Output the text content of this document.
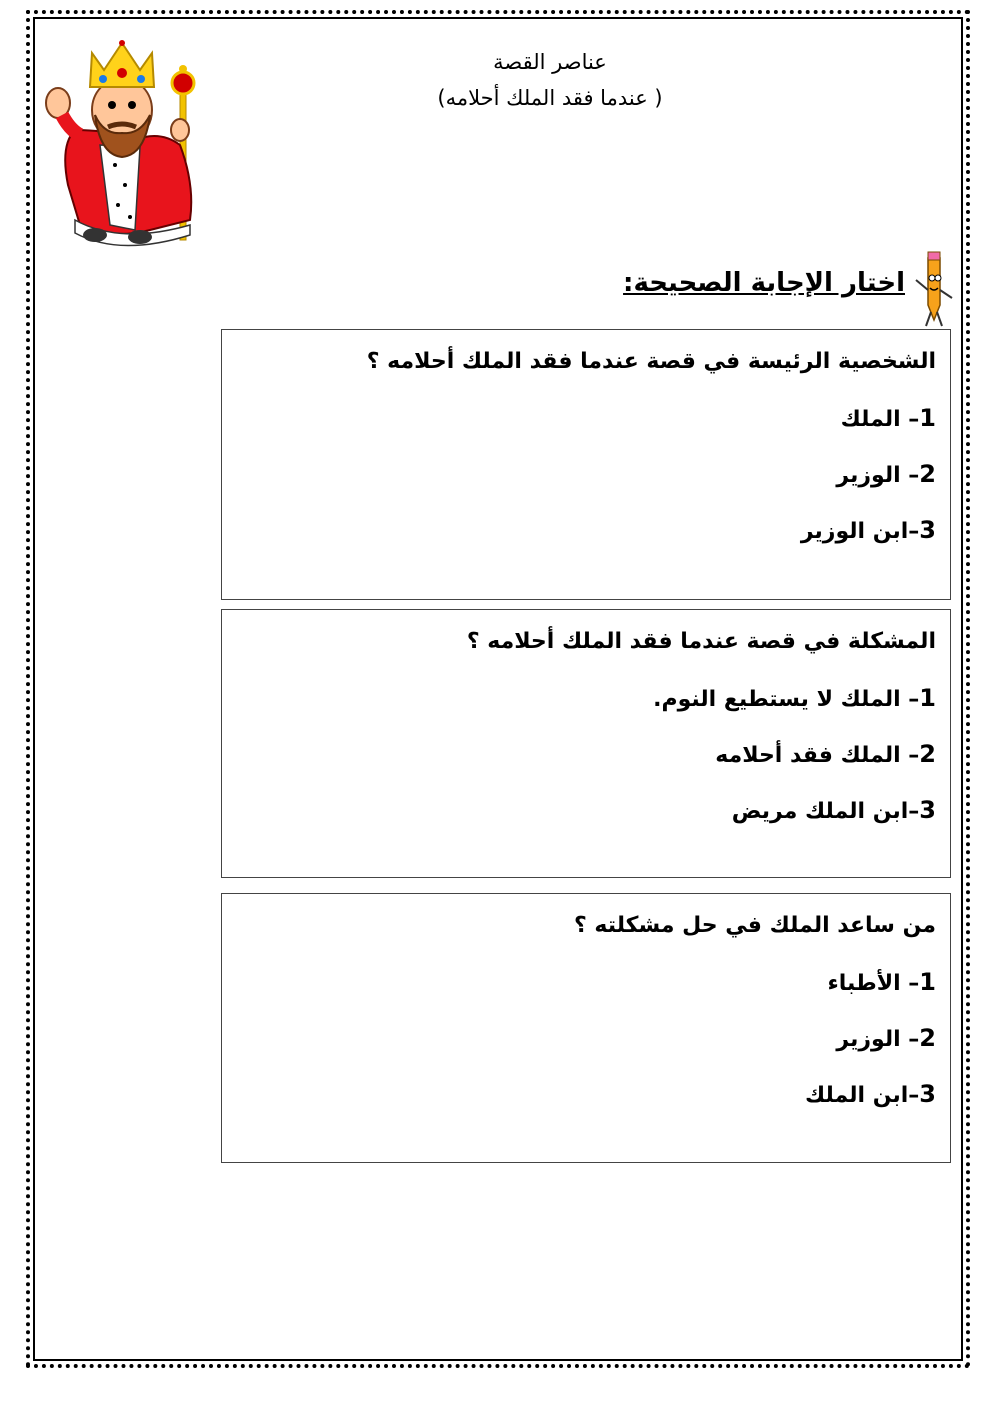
عناصر القصة
( عندما فقد الملك أحلامه)
اختار الإجابة الصحيحة:
الشخصية الرئيسة في قصة عندما فقد الملك أحلامه ؟
1– الملك
2– الوزير
3–ابن الوزير
المشكلة في قصة عندما فقد الملك أحلامه ؟
1– الملك لا يستطيع النوم.
2– الملك فقد أحلامه
3–ابن الملك مريض
من ساعد الملك في حل مشكلته ؟
1– الأطباء
2– الوزير
3–ابن الملك
